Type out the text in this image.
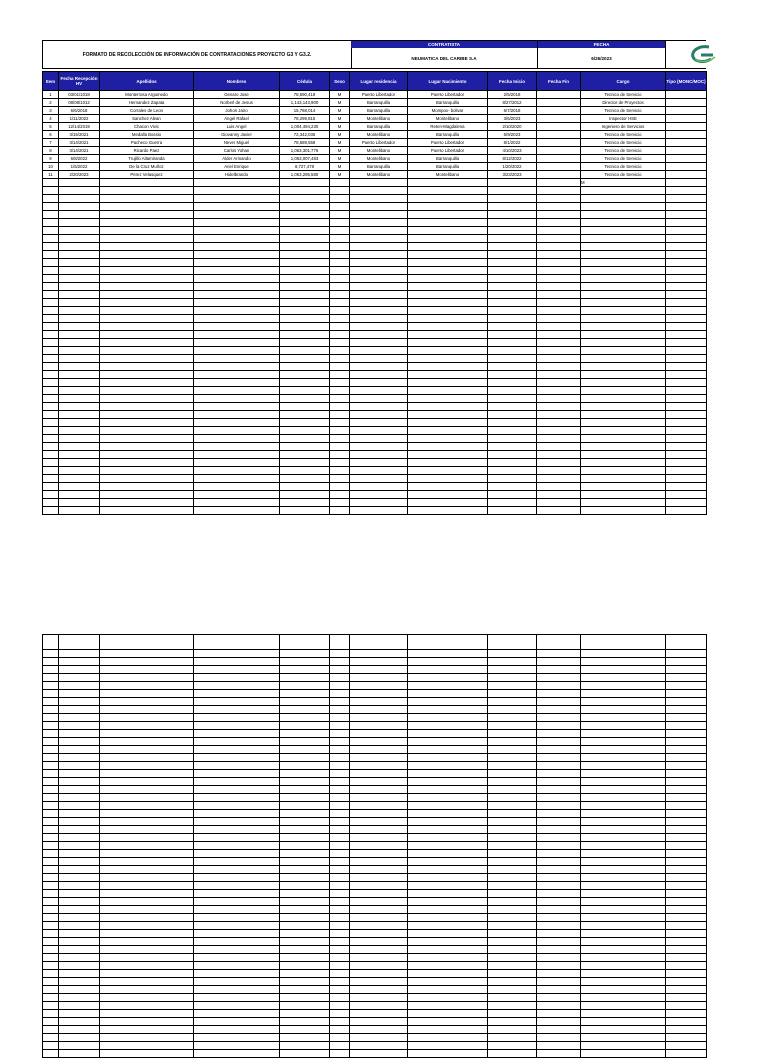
FORMATO DE RECOLECCIÓN DE INFORMACIÓN DE CONTRATACIONES PROYECTO G3 Y G3.2.
CONTRATISTA
NEUMATICA DEL CARIBE S.A
FECHA
6/26/2023
Item	Fecha Recepción HV	Apellidos	Nombres	Cédula	Sexo	Lugar residencia	Lugar Nacimiento	Fecha Inicio	Fecha Fin	Cargo	Tipo (MONC/MOC)
1	03/01/1018	Monterrosa Argumedo	Genaro Jose	78,590,419	M	Puerto Libertador	Puerto Libertador	2/5/2018		Tecnico de Servicio	
2	08/08/1012	Hernandez Zapata	Norberl de Jesus	1,143,143,900	M	Barranquilla	Barranquilla	8/27/2012		Director de Proyectos	
3	6/6/2018	Corrales de Leon	Johon Jairo	15,768,014	M	Barranquilla	Mompox- bolivar	6/7/2018		Tecnico de Servicio	
4	1/11/2022	Sanchez Alean	Angel Rafael	78,299,815	M	Montelibano	Montelibano	3/6/2023		Inspector HSE	
5	12/14/2019	Chacon Vivic	Luis Angel	1,004,494,230	M	Barranquilla	Reten-Magdalena	2/10/2020		Ingeniero de Servicios	
6	3/15/2021	Medalla Bossio	Giovanny Javier	72,342,036	M	Montelibano	Barranquilla	6/9/2023		Tecnico de Servicio	
7	3/14/2021	Pacheco Guerra	Never Miguel	78,589,558	M	Puerto Libertador	Puerto Libertador	8/1/2022		Tecnico de Servicio	
8	3/14/2021	Ricardo Paez	Carlos Yohan	1,063,301,776	M	Montelibano	Puerto Libertador	4/10/2023		Tecnico de Servicio	
9	6/8/2022	Trujillo Altamiranda	Alder Armando	1,063,007,483	M	Montelibano	Barranquilla	8/12/2022		Tecnico de Servicio	
10	1/5/2022	De la Cruz Muñoz	Ariel Enrique	8,727,478	M	Barranquilla	Barranquilla	1/20/2022		Tecnico de Servicio	
11	2/20/2023	Perez Velasquez	Hidelbrando	1,063,295,580	M	Montelibano	Montelibano	3/23/2023		Tecnico de Servicio	
										M	
